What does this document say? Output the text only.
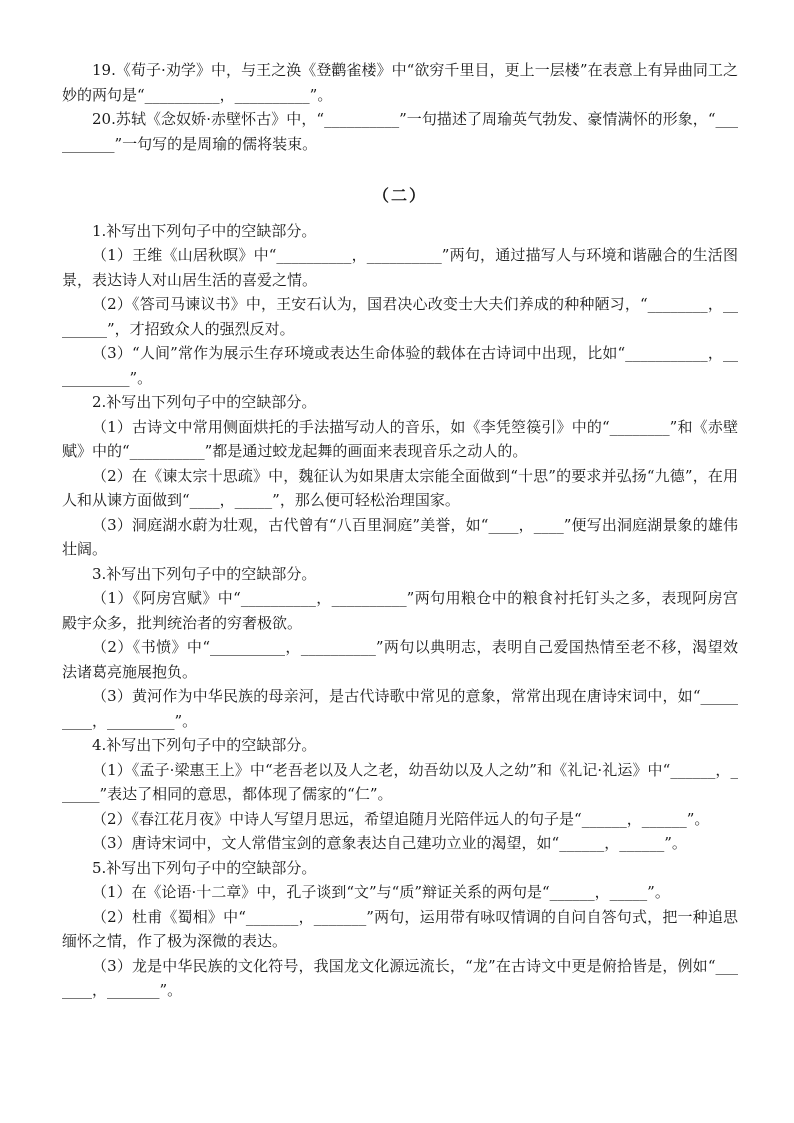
19.《荀子·劝学》中，与王之涣《登鹳雀楼》中“欲穷千里目，更上一层楼”在表意上有异曲同工之妙的两句是“__________，__________”。

20.苏轼《念奴娇·赤壁怀古》中，“__________”一句描述了周瑜英气勃发、豪情满怀的形象，“__________”一句写的是周瑜的儒将装束。

（二）

1.补写出下列句子中的空缺部分。

（1）王维《山居秋暝》中“__________，__________”两句，通过描写人与环境和谐融合的生活图景，表达诗人对山居生活的喜爱之情。

（2）《答司马谏议书》中，王安石认为，国君决心改变士大夫们养成的种种陋习，“________，________”，才招致众人的强烈反对。

（3）“人间”常作为展示生存环境或表达生命体验的载体在古诗词中出现，比如“___________，___________”。

2.补写出下列句子中的空缺部分。

（1）古诗文中常用侧面烘托的手法描写动人的音乐，如《李凭箜篌引》中的“________”和《赤壁赋》中的“__________”都是通过蛟龙起舞的画面来表现音乐之动人的。

（2）在《谏太宗十思疏》中，魏征认为如果唐太宗能全面做到“十思”的要求并弘扬“九德”，在用人和从谏方面做到“____，_____”，那么便可轻松治理国家。

（3）洞庭湖水蔚为壮观，古代曾有“八百里洞庭”美誉，如“____，____”便写出洞庭湖景象的雄伟壮阔。

3.补写出下列句子中的空缺部分。

（1）《阿房宫赋》中“__________，__________”两句用粮仓中的粮食衬托钉头之多，表现阿房宫殿宇众多，批判统治者的穷奢极欲。

（2）《书愤》中“__________，__________”两句以典明志，表明自己爱国热情至老不移，渴望效法诸葛亮施展抱负。

（3）黄河作为中华民族的母亲河，是古代诗歌中常见的意象，常常出现在唐诗宋词中，如“_________，_________”。

4.补写出下列句子中的空缺部分。

（1）《孟子·梁惠王上》中“老吾老以及人之老，幼吾幼以及人之幼”和《礼记·礼运》中“______，______”表达了相同的意思，都体现了儒家的“仁”。

（2）《春江花月夜》中诗人写望月思远，希望追随月光陪伴远人的句子是“______，______”。

（3）唐诗宋词中，文人常借宝剑的意象表达自己建功立业的渴望，如“______，______”。

5.补写出下列句子中的空缺部分。

（1）在《论语·十二章》中，孔子谈到“文”与“质”辩证关系的两句是“______，_____”。

（2）杜甫《蜀相》中“_______，_______”两句，运用带有咏叹情调的自问自答句式，把一种追思缅怀之情，作了极为深微的表达。

（3）龙是中华民族的文化符号，我国龙文化源远流长，“龙”在古诗文中更是俯拾皆是，例如“_______，_______”。
